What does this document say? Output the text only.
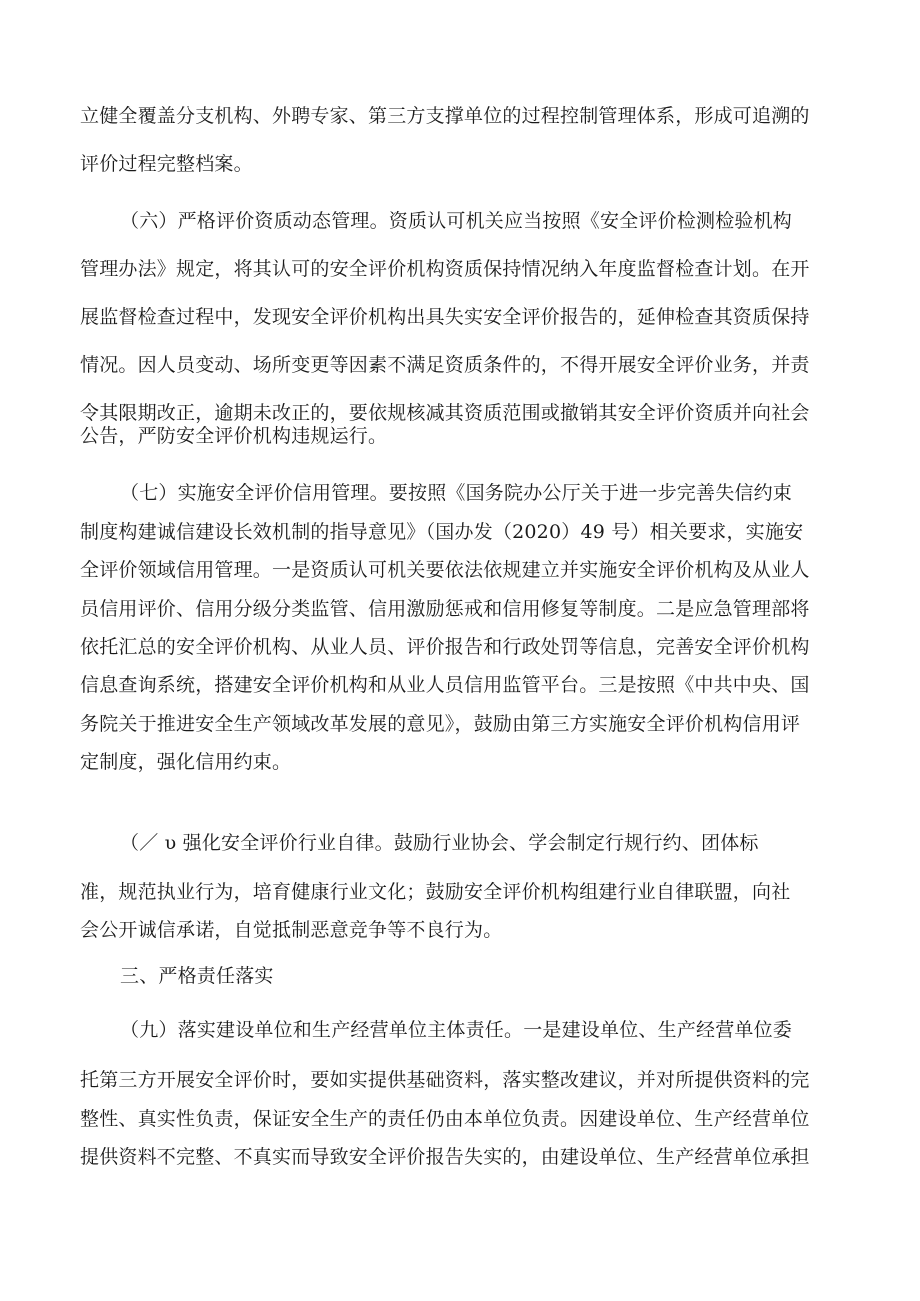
立健全覆盖分支机构、外聘专家、第三方支撑单位的过程控制管理体系，形成可追溯的
评价过程完整档案。
（六）严格评价资质动态管理。资质认可机关应当按照《安全评价检测检验机构
管理办法》规定，将其认可的安全评价机构资质保持情况纳入年度监督检查计划。在开
展监督检查过程中，发现安全评价机构出具失实安全评价报告的，延伸检查其资质保持
情况。因人员变动、场所变更等因素不满足资质条件的，不得开展安全评价业务，并责
令其限期改正，逾期未改正的，要依规核减其资质范围或撤销其安全评价资质并向社会
公告，严防安全评价机构违规运行。
（七）实施安全评价信用管理。要按照《国务院办公厅关于进一步完善失信约束
制度构建诚信建设长效机制的指导意见》（国办发（2020）49 号）相关要求，实施安
全评价领域信用管理。一是资质认可机关要依法依规建立并实施安全评价机构及从业人
员信用评价、信用分级分类监管、信用激励惩戒和信用修复等制度。二是应急管理部将
依托汇总的安全评价机构、从业人员、评价报告和行政处罚等信息，完善安全评价机构
信息查询系统，搭建安全评价机构和从业人员信用监管平台。三是按照《中共中央、国
务院关于推进安全生产领域改革发展的意见》，鼓励由第三方实施安全评价机构信用评
定制度，强化信用约束。
（／ υ 强化安全评价行业自律。鼓励行业协会、学会制定行规行约、团体标
准，规范执业行为，培育健康行业文化；鼓励安全评价机构组建行业自律联盟，向社
会公开诚信承诺，自觉抵制恶意竞争等不良行为。
三、严格责任落实
（九）落实建设单位和生产经营单位主体责任。一是建设单位、生产经营单位委
托第三方开展安全评价时，要如实提供基础资料，落实整改建议，并对所提供资料的完
整性、真实性负责，保证安全生产的责任仍由本单位负责。因建设单位、生产经营单位
提供资料不完整、不真实而导致安全评价报告失实的，由建设单位、生产经营单位承担
